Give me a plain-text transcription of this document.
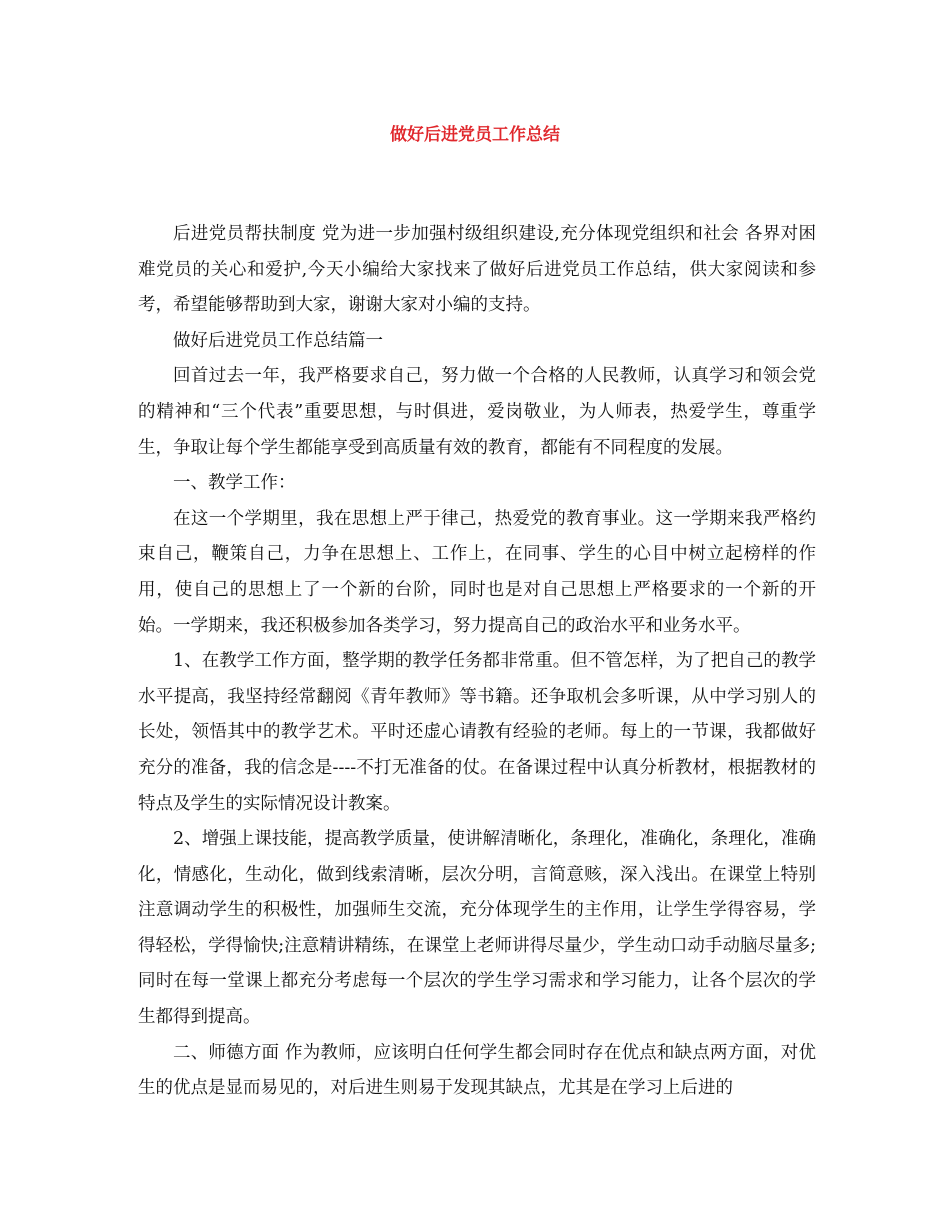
做好后进党员工作总结

后进党员帮扶制度 党为进一步加强村级组织建设,充分体现党组织和社会 各界对困难党员的关心和爱护,今天小编给大家找来了做好后进党员工作总结，供大家阅读和参考，希望能够帮助到大家，谢谢大家对小编的支持。

做好后进党员工作总结篇一

回首过去一年，我严格要求自己，努力做一个合格的人民教师，认真学习和领会党的精神和“三个代表”重要思想，与时俱进，爱岗敬业，为人师表，热爱学生，尊重学生，争取让每个学生都能享受到高质量有效的教育，都能有不同程度的发展。

一、教学工作：

在这一个学期里，我在思想上严于律己，热爱党的教育事业。这一学期来我严格约束自己，鞭策自己，力争在思想上、工作上，在同事、学生的心目中树立起榜样的作用，使自己的思想上了一个新的台阶，同时也是对自己思想上严格要求的一个新的开始。一学期来，我还积极参加各类学习，努力提高自己的政治水平和业务水平。

1、在教学工作方面，整学期的教学任务都非常重。但不管怎样，为了把自己的教学水平提高，我坚持经常翻阅《青年教师》等书籍。还争取机会多听课，从中学习别人的长处，领悟其中的教学艺术。平时还虚心请教有经验的老师。每上的一节课，我都做好充分的准备，我的信念是----不打无准备的仗。在备课过程中认真分析教材，根据教材的特点及学生的实际情况设计教案。

2、增强上课技能，提高教学质量，使讲解清晰化，条理化，准确化，条理化，准确化，情感化，生动化，做到线索清晰，层次分明，言简意赅，深入浅出。在课堂上特别注意调动学生的积极性，加强师生交流，充分体现学生的主作用，让学生学得容易，学得轻松，学得愉快;注意精讲精练，在课堂上老师讲得尽量少，学生动口动手动脑尽量多;同时在每一堂课上都充分考虑每一个层次的学生学习需求和学习能力，让各个层次的学生都得到提高。

二、师德方面 作为教师，应该明白任何学生都会同时存在优点和缺点两方面，对优生的优点是显而易见的，对后进生则易于发现其缺点，尤其是在学习上后进的
